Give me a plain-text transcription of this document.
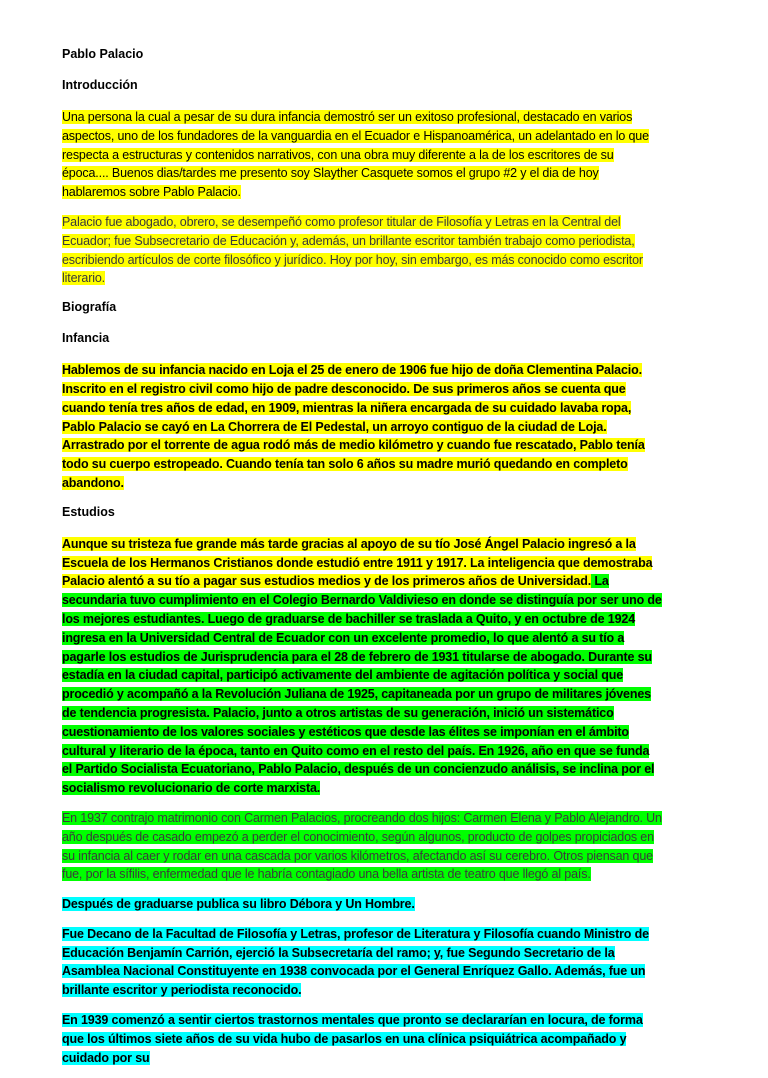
Pablo Palacio
Introducción

Una persona la cual a pesar de su dura infancia demostró ser un exitoso profesional, destacado en varios aspectos, uno de los fundadores de la vanguardia en el Ecuador e Hispanoamérica, un adelantado en lo que respecta a estructuras y contenidos narrativos, con una obra muy diferente a la de los escritores de su época.... Buenos dias/tardes me presento soy Slayther Casquete somos el grupo #2 y el dia de hoy hablaremos sobre Pablo Palacio.

Palacio fue abogado, obrero, se desempeñó como profesor titular de Filosofía y Letras en la Central del Ecuador; fue Subsecretario de Educación y, además, un brillante escritor también trabajo como periodista, escribiendo artículos de corte filosófico y jurídico. Hoy por hoy, sin embargo, es más conocido como escritor literario.

Biografía
Infancia

Hablemos de su infancia nacido en Loja el 25 de enero de 1906 fue hijo de doña Clementina Palacio. Inscrito en el registro civil como hijo de padre desconocido. De sus primeros años se cuenta que cuando tenía tres años de edad, en 1909, mientras la niñera encargada de su cuidado lavaba ropa, Pablo Palacio se cayó en La Chorrera de El Pedestal, un arroyo contiguo de la ciudad de Loja. Arrastrado por el torrente de agua rodó más de medio kilómetro y cuando fue rescatado, Pablo tenía todo su cuerpo estropeado. Cuando tenía tan solo 6 años su madre murió quedando en completo abandono.

Estudios

Aunque su tristeza fue grande más tarde gracias al apoyo de su tío José Ángel Palacio ingresó a la Escuela de los Hermanos Cristianos donde estudió entre 1911 y 1917. La inteligencia que demostraba Palacio alentó a su tío a pagar sus estudios medios y de los primeros años de Universidad. La secundaria tuvo cumplimiento en el Colegio Bernardo Valdivieso en donde se distinguía por ser uno de los mejores estudiantes. Luego de graduarse de bachiller se traslada a Quito, y en octubre de 1924 ingresa en la Universidad Central de Ecuador con un excelente promedio, lo que alentó a su tío a pagarle los estudios de Jurisprudencia para el 28 de febrero de 1931 titularse de abogado. Durante su estadía en la ciudad capital, participó activamente del ambiente de agitación política y social que procedió y acompañó a la Revolución Juliana de 1925, capitaneada por un grupo de militares jóvenes de tendencia progresista. Palacio, junto a otros artistas de su generación, inició un sistemático cuestionamiento de los valores sociales y estéticos que desde las élites se imponían en el ámbito cultural y literario de la época, tanto en Quito como en el resto del país. En 1926, año en que se funda el Partido Socialista Ecuatoriano, Pablo Palacio, después de un concienzudo análisis, se inclina por el socialismo revolucionario de corte marxista.

En 1937 contrajo matrimonio con Carmen Palacios, procreando dos hijos: Carmen Elena y Pablo Alejandro. Un año después de casado empezó a perder el conocimiento, según algunos, producto de golpes propiciados en su infancia al caer y rodar en una cascada por varios kilómetros, afectando así su cerebro. Otros piensan que fue, por la sífilis, enfermedad que le habría contagiado una bella artista de teatro que llegó al país.

Después de graduarse publica su libro Débora y Un Hombre.

Fue Decano de la Facultad de Filosofía y Letras, profesor de Literatura y Filosofía cuando Ministro de Educación Benjamín Carrión, ejerció la Subsecretaría del ramo; y, fue Segundo Secretario de la Asamblea Nacional Constituyente en 1938 convocada por el General Enríquez Gallo. Además, fue un brillante escritor y periodista reconocido.

En 1939 comenzó a sentir ciertos trastornos mentales que pronto se declararían en locura, de forma que los últimos siete años de su vida hubo de pasarlos en una clínica psiquiátrica acompañado y cuidado por su
